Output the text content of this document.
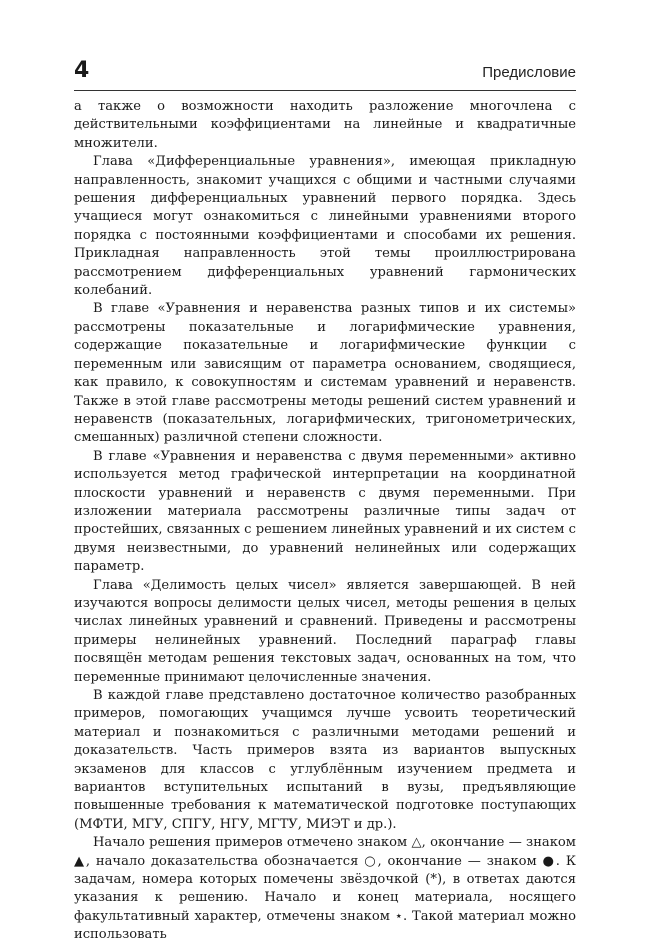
4	Предисловие

а также о возможности находить разложение многочлена с действительными коэффициентами на линейные и квадратичные множители.

Глава «Дифференциальные уравнения», имеющая прикладную направленность, знакомит учащихся с общими и частными случаями решения дифференциальных уравнений первого порядка. Здесь учащиеся могут ознакомиться с линейными уравнениями второго порядка с постоянными коэффициентами и способами их решения. Прикладная направленность этой темы проиллюстрирована рассмотрением дифференциальных уравнений гармонических колебаний.

В главе «Уравнения и неравенства разных типов и их системы» рассмотрены показательные и логарифмические уравнения, содержащие показательные и логарифмические функции с переменным или зависящим от параметра основанием, сводящиеся, как правило, к совокупностям и системам уравнений и неравенств. Также в этой главе рассмотрены методы решений систем уравнений и неравенств (показательных, логарифмических, тригонометрических, смешанных) различной степени сложности.

В главе «Уравнения и неравенства с двумя переменными» активно используется метод графической интерпретации на координатной плоскости уравнений и неравенств с двумя переменными. При изложении материала рассмотрены различные типы задач от простейших, связанных с решением линейных уравнений и их систем с двумя неизвестными, до уравнений нелинейных или содержащих параметр.

Глава «Делимость целых чисел» является завершающей. В ней изучаются вопросы делимости целых чисел, методы решения в целых числах линейных уравнений и сравнений. Приведены и рассмотрены примеры нелинейных уравнений. Последний параграф главы посвящён методам решения текстовых задач, основанных на том, что переменные принимают целочисленные значения.

В каждой главе представлено достаточное количество разобранных примеров, помогающих учащимся лучше усвоить теоретический материал и познакомиться с различными методами решений и доказательств. Часть примеров взята из вариантов выпускных экзаменов для классов с углублённым изучением предмета и вариантов вступительных испытаний в вузы, предъявляющие повышенные требования к математической подготовке поступающих (МФТИ, МГУ, СПГУ, НГУ, МГТУ, МИЭТ и др.).

Начало решения примеров отмечено знаком △, окончание — знаком ▲, начало доказательства обозначается ○, окончание — знаком ●. К задачам, номера которых помечены звёздочкой (*), в ответах даются указания к решению. Начало и конец материала, носящего факультативный характер, отмечены знаком ⋆. Такой материал можно использовать
